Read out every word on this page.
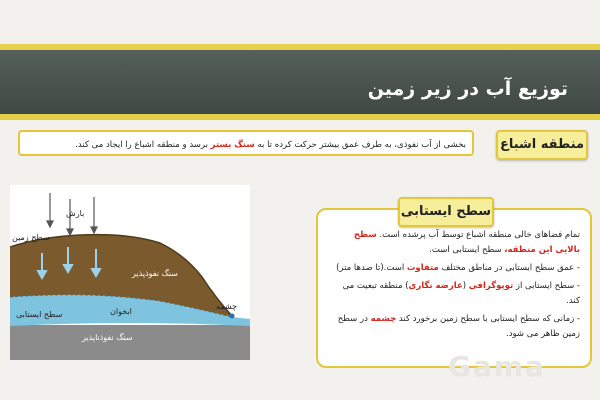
توزیع آب در زیر زمین
بخشی از آب نفوذی، به طرف عمق بیشتر حرکت کرده تا به سنگ بستر برسد و منطقه اشباع را ایجاد می کند.	منطقه اشباع
بارش
سطح زمین
سنگ نفوذپذیر
ابخوان
سطح ایستابی
چشمه
سنگ نفوذناپذیر
سطح ایستابی

تمام فضاهای خالی منطقه اشباع توسط آب پرشده است. سطح بالایی این منطقه، سطح ایستابی است.

- عمق سطح ایستابی در مناطق مختلف متفاوت است.(تا صدها متر)

- سطح ایستابی از توپوگرافی (عارضه نگاری) منطقه تبعیت می کند.

- زمانی که سطح ایستابی با سطح زمین برخورد کند چشمه در سطح زمین ظاهر می شود.

Gama
